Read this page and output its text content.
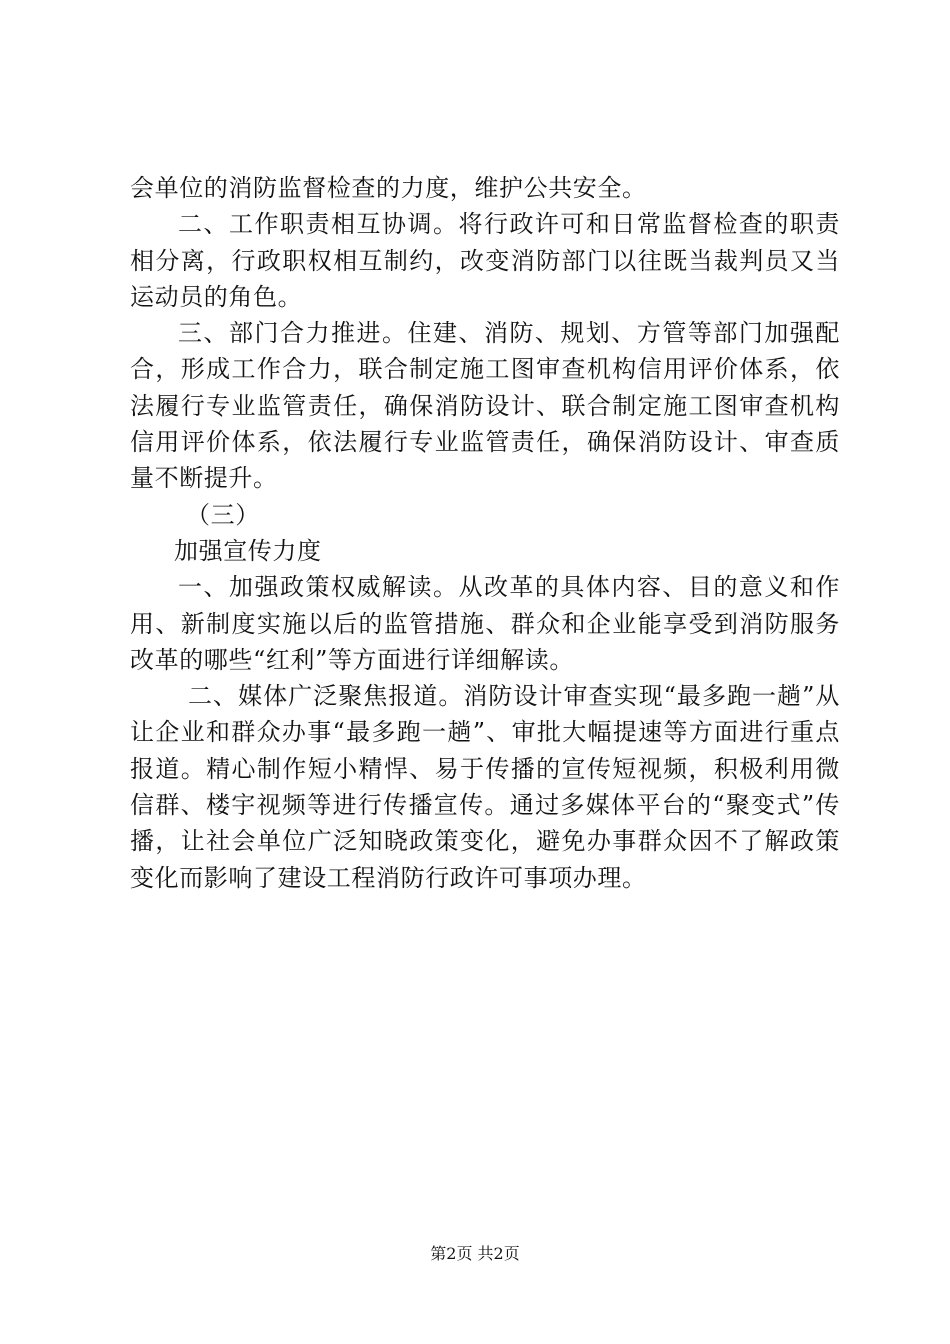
会单位的消防监督检查的力度，维护公共安全。

二、工作职责相互协调。将行政许可和日常监督检查的职责相分离，行政职权相互制约，改变消防部门以往既当裁判员又当运动员的角色。

三、部门合力推进。住建、消防、规划、方管等部门加强配合，形成工作合力，联合制定施工图审查机构信用评价体系，依法履行专业监管责任，确保消防设计、联合制定施工图审查机构信用评价体系，依法履行专业监管责任，确保消防设计、审查质量不断提升。

（三）

加强宣传力度

一、加强政策权威解读。从改革的具体内容、目的意义和作用、新制度实施以后的监管措施、群众和企业能享受到消防服务改革的哪些“红利”等方面进行详细解读。

二、媒体广泛聚焦报道。消防设计审查实现“最多跑一趟”从让企业和群众办事“最多跑一趟”、审批大幅提速等方面进行重点报道。精心制作短小精悍、易于传播的宣传短视频，积极利用微信群、楼宇视频等进行传播宣传。通过多媒体平台的“聚变式”传播，让社会单位广泛知晓政策变化，避免办事群众因不了解政策变化而影响了建设工程消防行政许可事项办理。

第2页 共2页
